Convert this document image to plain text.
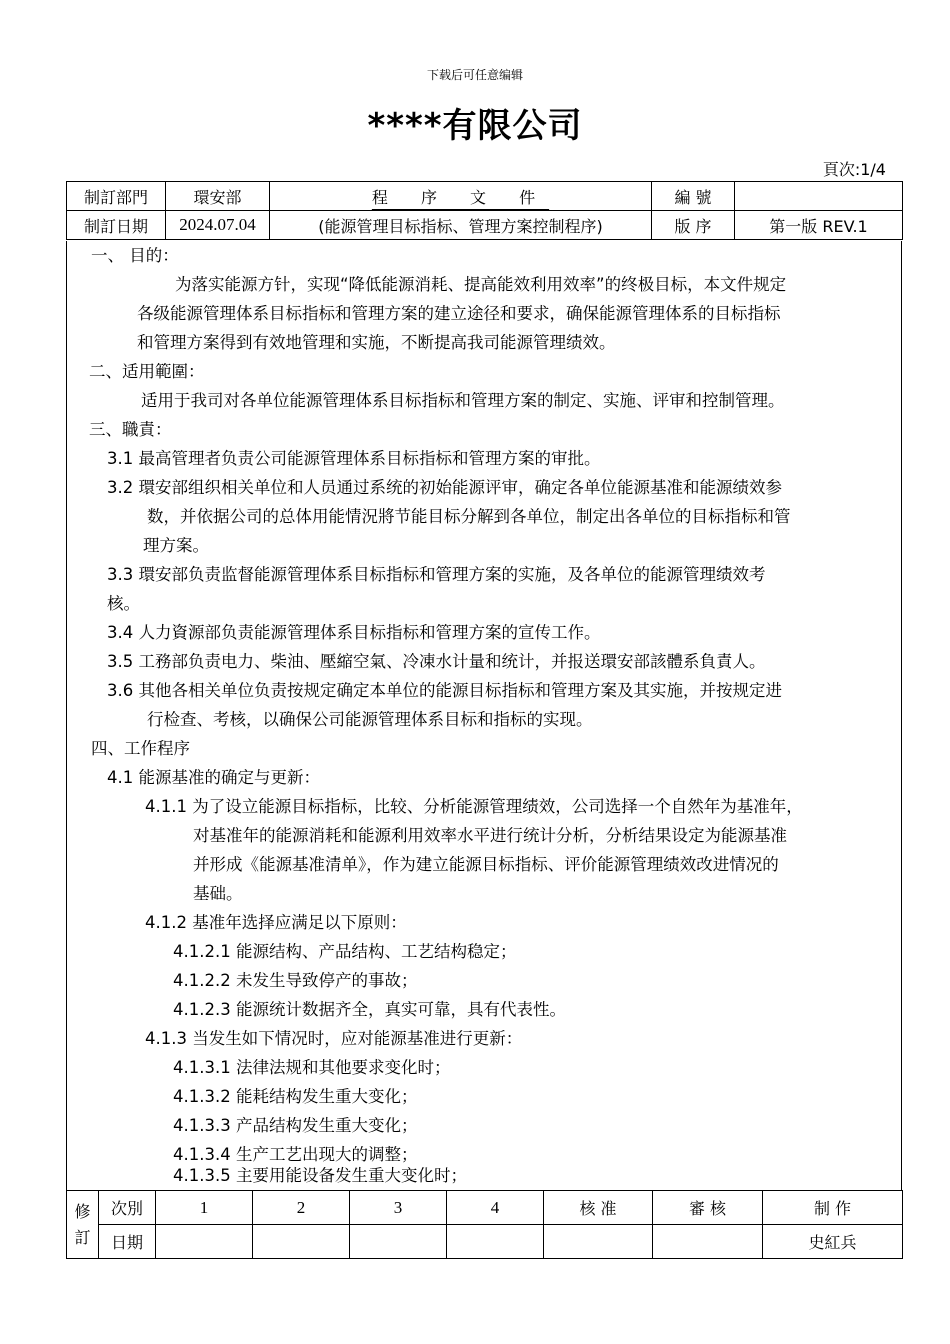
下载后可任意编辑
****有限公司
頁次:1/4
制訂部門	環安部	程 序 文 件	編 號	
制訂日期	2024.07.04	(能源管理目标指标、管理方案控制程序)	版 序	第一版 REV.1
一、 目的：
为落实能源方针，实现“降低能源消耗、提高能效利用效率”的终极目标，本文件规定
各级能源管理体系目标指标和管理方案的建立途径和要求，确保能源管理体系的目标指标
和管理方案得到有效地管理和实施，不断提高我司能源管理绩效。
二、适用範圍：
适用于我司对各单位能源管理体系目标指标和管理方案的制定、实施、评审和控制管理。
三、職責：
3.1 最高管理者负责公司能源管理体系目标指标和管理方案的审批。
3.2 環安部组织相关单位和人员通过系统的初始能源评审，确定各单位能源基准和能源绩效参
数，并依据公司的总体用能情況將节能目标分解到各单位，制定出各单位的目标指标和管
理方案。
3.3 環安部负责监督能源管理体系目标指标和管理方案的实施，及各单位的能源管理绩效考
核。
3.4 人力資源部负责能源管理体系目标指标和管理方案的宣传工作。
3.5 工務部负责电力、柴油、壓縮空氣、冷凍水计量和统计，并报送環安部該體系負責人。
3.6 其他各相关单位负责按规定确定本单位的能源目标指标和管理方案及其实施，并按规定进
行检查、考核，以确保公司能源管理体系目标和指标的实现。
四、工作程序
4.1 能源基准的确定与更新：
4.1.1 为了设立能源目标指标，比较、分析能源管理绩效，公司选择一个自然年为基准年，
对基准年的能源消耗和能源利用效率水平进行统计分析，分析结果设定为能源基准
并形成《能源基准清单》，作为建立能源目标指标、评价能源管理绩效改进情况的
基础。
4.1.2 基准年选择应满足以下原则：
4.1.2.1 能源结构、产品结构、工艺结构稳定；
4.1.2.2 未发生导致停产的事故；
4.1.2.3 能源统计数据齐全，真实可靠，具有代表性。
4.1.3 当发生如下情况时，应对能源基准进行更新：
4.1.3.1 法律法规和其他要求变化时；
4.1.3.2 能耗结构发生重大变化；
4.1.3.3 产品结构发生重大变化；
4.1.3.4 生产工艺出现大的调整；
4.1.3.5 主要用能设备发生重大变化时；
修訂	次別	1	2	3	4	核 准	審 核	制 作
	日期							史紅兵
